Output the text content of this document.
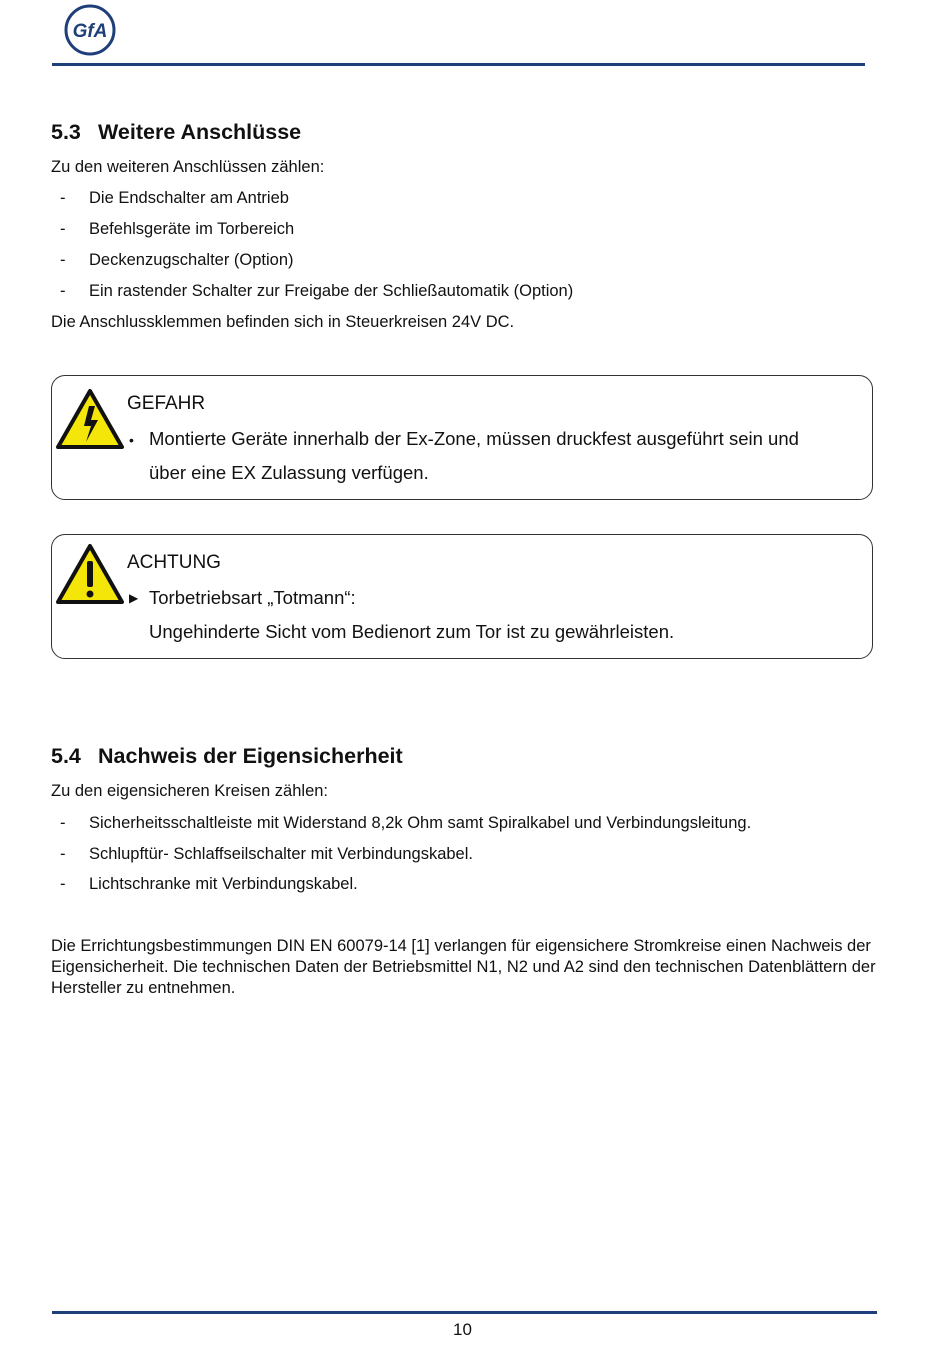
GfA
5.3 Weitere Anschlüsse
Zu den weiteren Anschlüssen zählen:
- Die Endschalter am Antrieb
- Befehlsgeräte im Torbereich
- Deckenzugschalter (Option)
- Ein rastender Schalter zur Freigabe der Schließautomatik (Option)
Die Anschlussklemmen befinden sich in Steuerkreisen 24V DC.
GEFAHR
• Montierte Geräte innerhalb der Ex-Zone, müssen druckfest ausgeführt sein und
über eine EX Zulassung verfügen.
ACHTUNG
▶ Torbetriebsart „Totmann“:
Ungehinderte Sicht vom Bedienort zum Tor ist zu gewährleisten.
5.4 Nachweis der Eigensicherheit
Zu den eigensicheren Kreisen zählen:
- Sicherheitsschaltleiste mit Widerstand 8,2k Ohm samt Spiralkabel und Verbindungsleitung.
- Schlupftür- Schlaffseilschalter mit Verbindungskabel.
- Lichtschranke mit Verbindungskabel.
Die Errichtungsbestimmungen DIN EN 60079-14 [1] verlangen für eigensichere Stromkreise einen Nachweis der Eigensicherheit. Die technischen Daten der Betriebsmittel N1, N2 und A2 sind den technischen Datenblättern der Hersteller zu entnehmen.
10
